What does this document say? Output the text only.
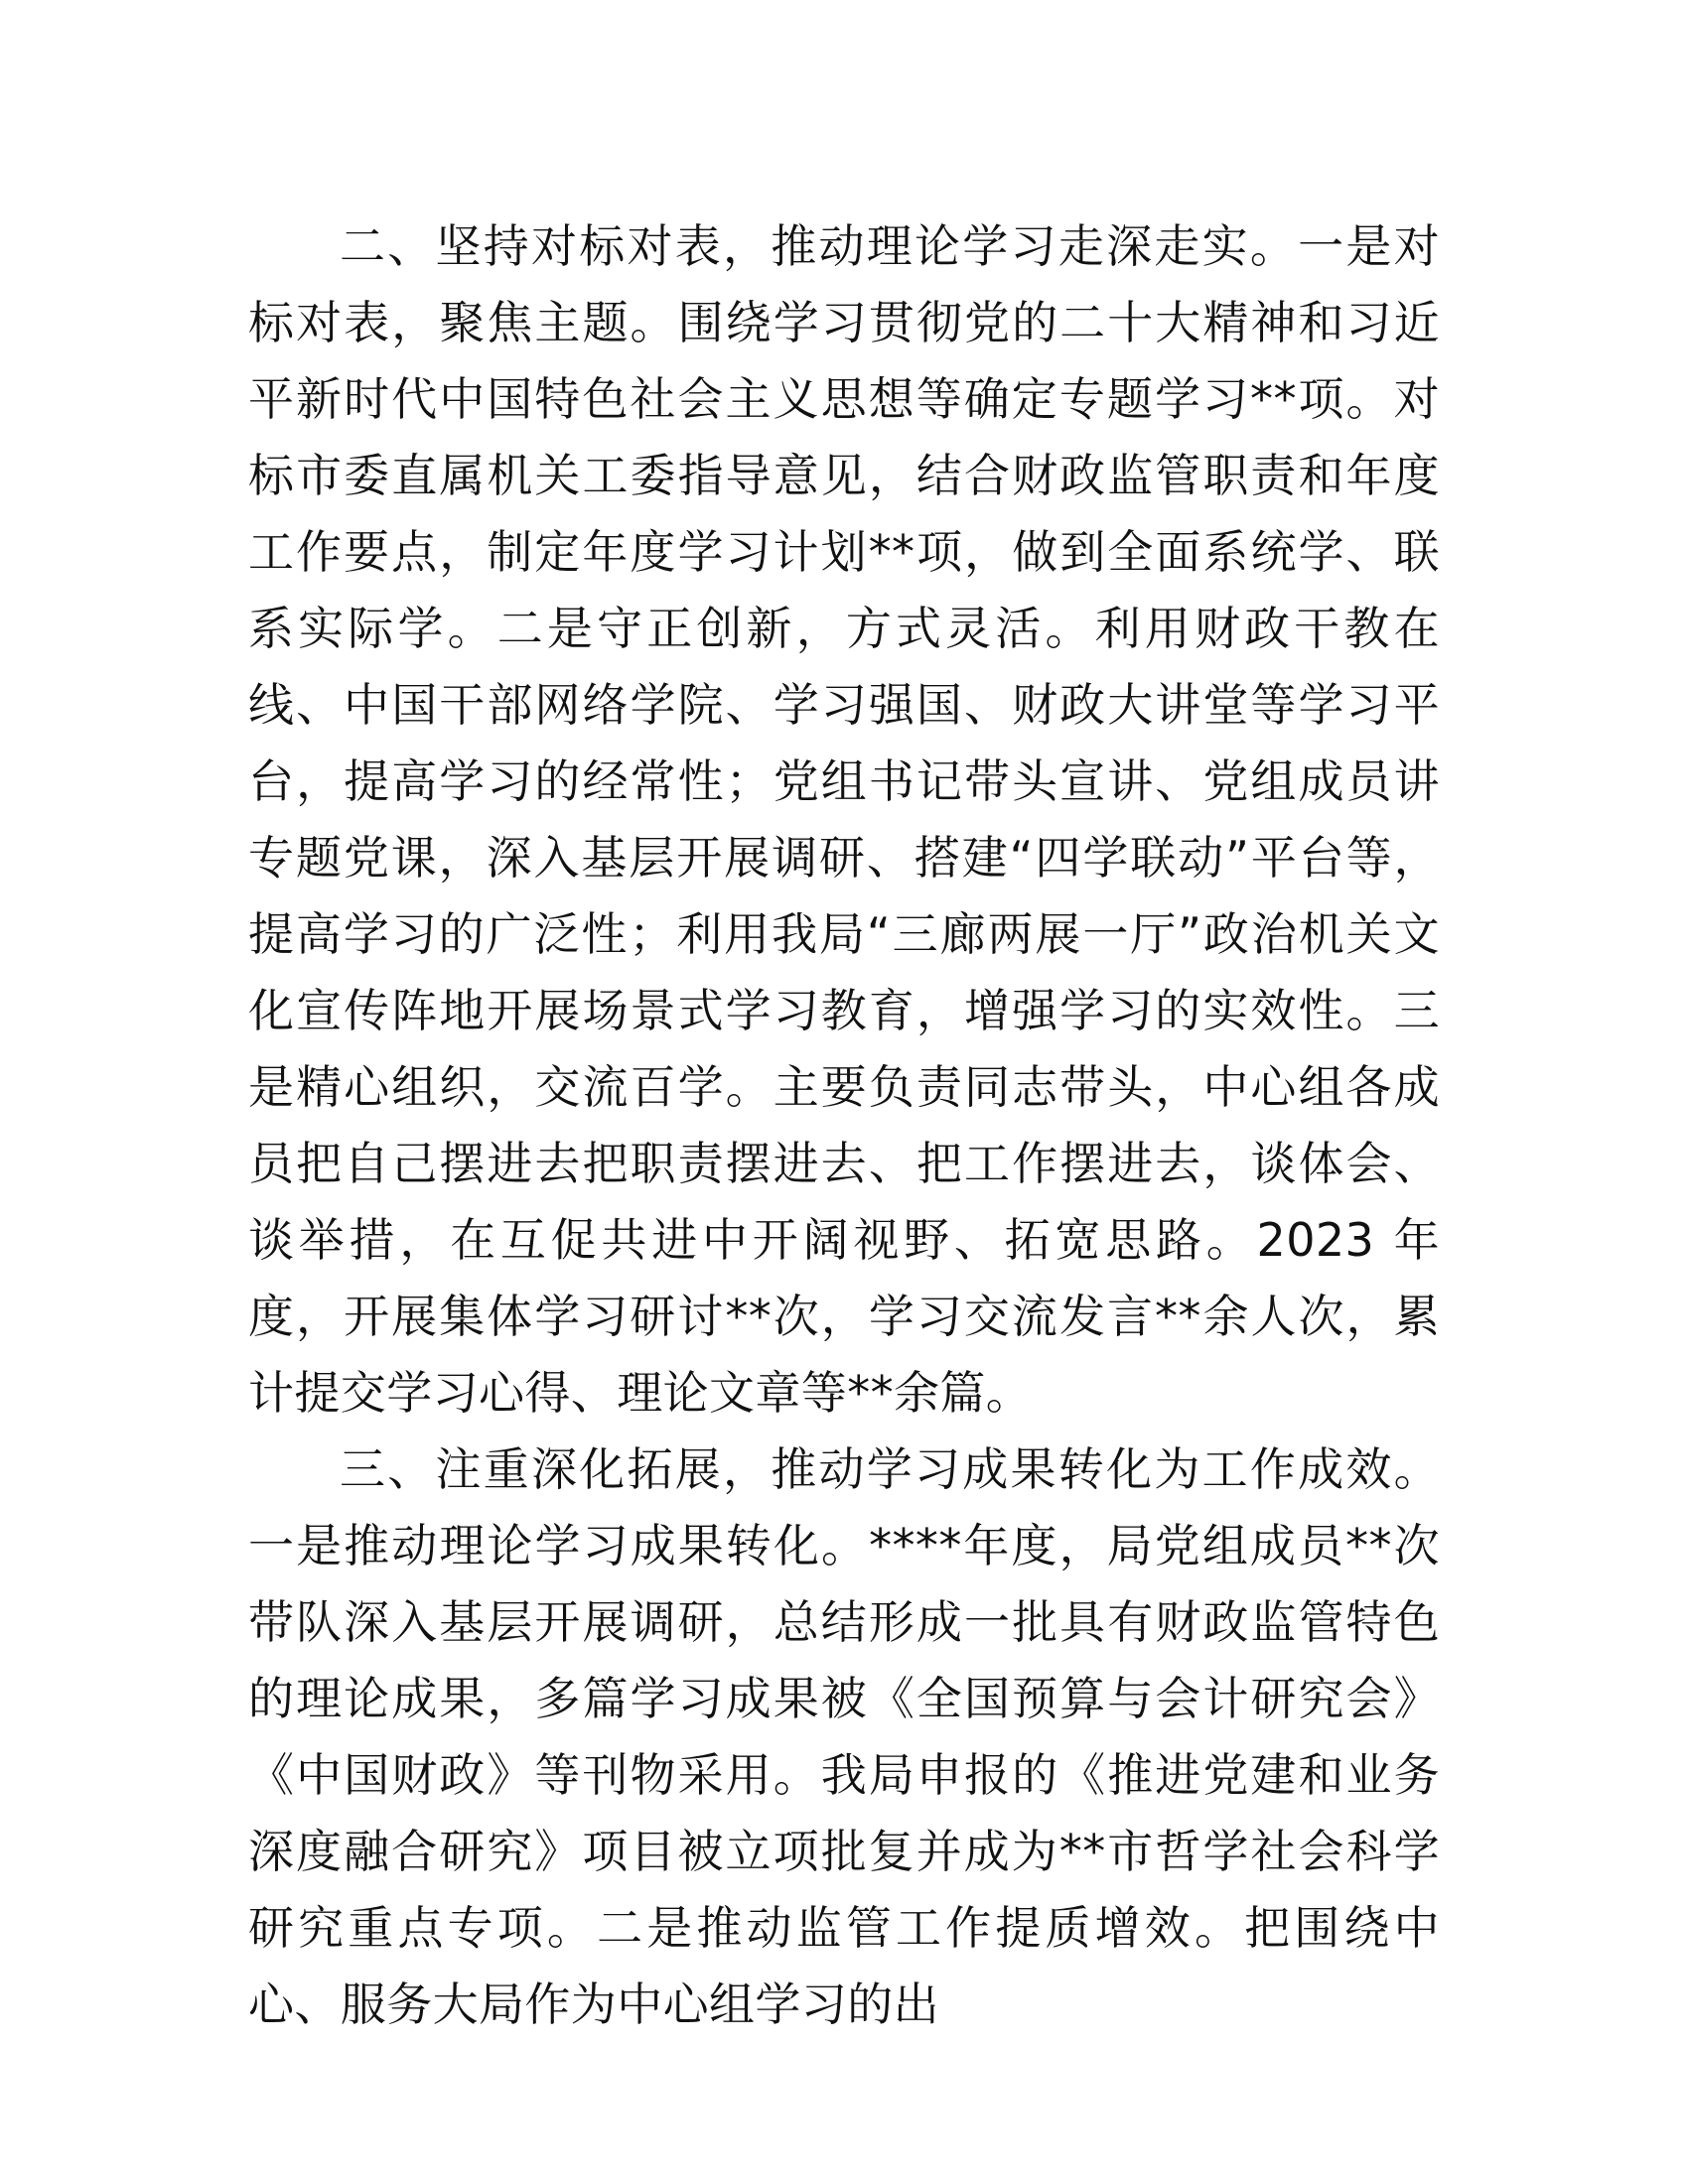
二、坚持对标对表，推动理论学习走深走实。一是对标对表，聚焦主题。围绕学习贯彻党的二十大精神和习近平新时代中国特色社会主义思想等确定专题学习**项。对标市委直属机关工委指导意见，结合财政监管职责和年度工作要点，制定年度学习计划**项，做到全面系统学、联系实际学。二是守正创新，方式灵活。利用财政干教在线、中国干部网络学院、学习强国、财政大讲堂等学习平台，提高学习的经常性；党组书记带头宣讲、党组成员讲专题党课，深入基层开展调研、搭建“四学联动”平台等，提高学习的广泛性；利用我局“三廊两展一厅”政治机关文化宣传阵地开展场景式学习教育，增强学习的实效性。三是精心组织，交流百学。主要负责同志带头，中心组各成员把自己摆进去把职责摆进去、把工作摆进去，谈体会、谈举措，在互促共进中开阔视野、拓宽思路。2023 年度，开展集体学习研讨**次，学习交流发言**余人次，累计提交学习心得、理论文章等**余篇。

三、注重深化拓展，推动学习成果转化为工作成效。一是推动理论学习成果转化。****年度，局党组成员**次带队深入基层开展调研，总结形成一批具有财政监管特色的理论成果，多篇学习成果被《全国预算与会计研究会》《中国财政》等刊物采用。我局申报的《推进党建和业务深度融合研究》项目被立项批复并成为**市哲学社会科学研究重点专项。二是推动监管工作提质增效。把围绕中心、服务大局作为中心组学习的出
